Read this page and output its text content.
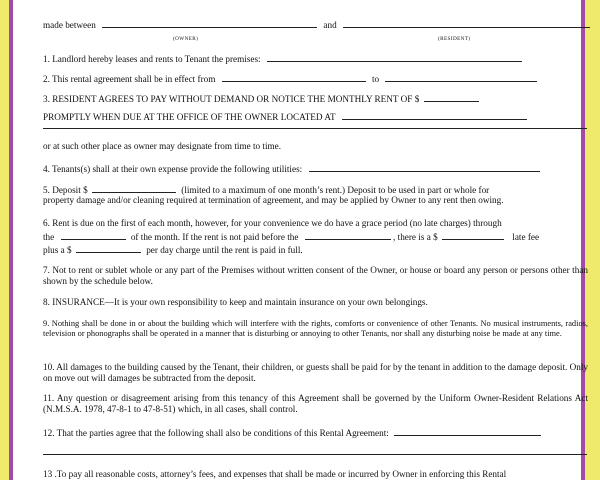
made between	and
(OWNER)	(RESIDENT)
1. Landlord hereby leases and rents to Tenant the premises:
2. This rental agreement shall be in effect from	to
3. RESIDENT AGREES TO PAY WITHOUT DEMAND OR NOTICE THE MONTHLY RENT OF $
PROMPTLY WHEN DUE AT THE OFFICE OF THE OWNER LOCATED AT
or at such other place as owner may designate from time to time.
4. Tenants(s) shall at their own expense provide the following utilities:
5. Deposit $	(limited to a maximum of one month’s rent.) Deposit to be used in part or whole for
property damage and/or cleaning required at termination of agreement, and may be applied by Owner to any rent then owing.
6. Rent is due on the first of each month, however, for your convenience we do have a grace period (no late charges) through
the	of the month. If the rent is not paid before the	, there is a $	late fee
plus a $	per day charge until the rent is paid in full.
7. Not to rent or sublet whole or any part of the Premises without written consent of the Owner, or house or board any person or persons other than shown by the schedule below.
8. INSURANCE—It is your own responsibility to keep and maintain insurance on your own belongings.
9. Nothing shall be done in or about the building which will interfere with the rights, comforts or convenience of other Tenants. No musical instruments, radios, television or phonographs shall be operated in a manner that is disturbing or annoying to other Tenants, nor shall any disturbing noise be made at any time.
10. All damages to the building caused by the Tenant, their children, or guests shall be paid for by the tenant in addition to the damage deposit. Only on move out will damages be subtracted from the deposit.
11. Any question or disagreement arising from this tenancy of this Agreement shall be governed by the Uniform Owner-Resident Relations Act (N.M.S.A. 1978, 47-8-1 to 47-8-51) which, in all cases, shall control.
12. That the parties agree that the following shall also be conditions of this Rental Agreement:
13 .To pay all reasonable costs, attorney’s fees, and expenses that shall be made or incurred by Owner in enforcing this Rental
